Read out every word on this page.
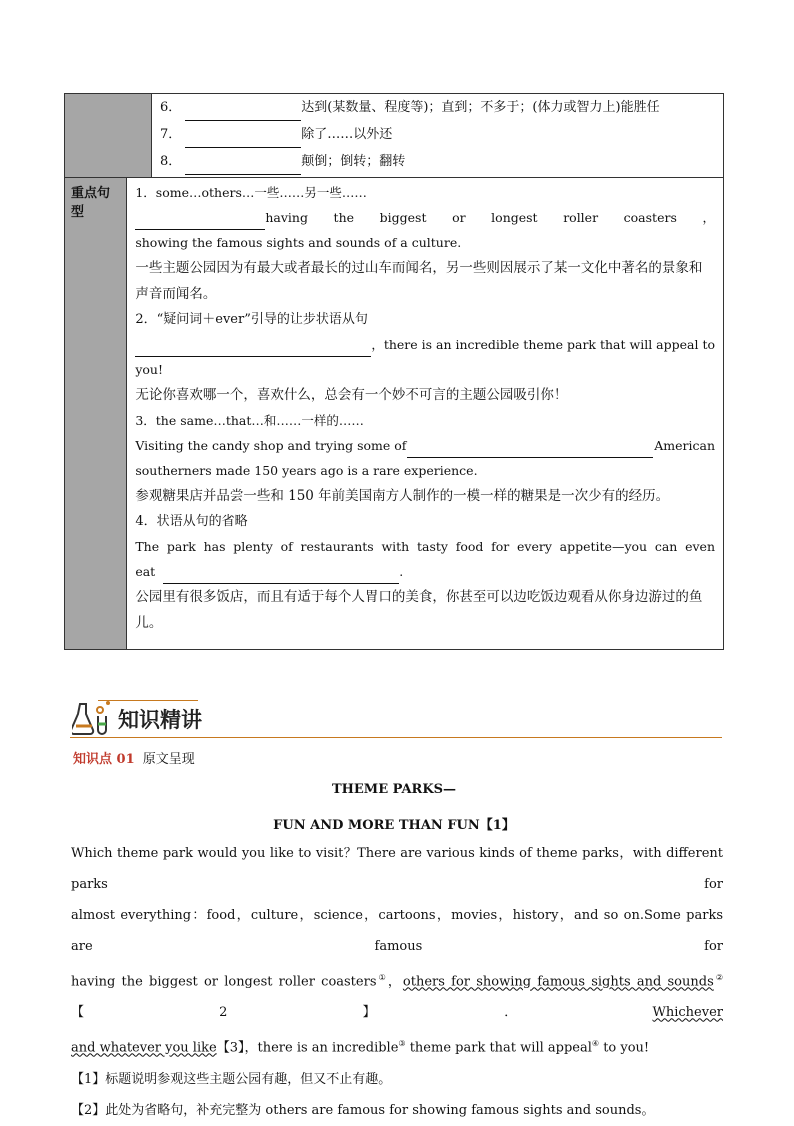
6．	达到(某数量、程度等)；直到；不多于；(体力或智力上)能胜任
7．	除了……以外还
8．	颠倒；倒转；翻转
重点句型
1．some…others…一些……另一些……
having the biggest or longest roller coasters ，
showing the famous sights and sounds of a culture.
一些主题公园因为有最大或者最长的过山车而闻名，另一些则因展示了某一文化中著名的景象和声音而闻名。
2．“疑问词＋ever”引导的让步状语从句
，there is an incredible theme park that will appeal to
you!
无论你喜欢哪一个，喜欢什么，总会有一个妙不可言的主题公园吸引你！
3．the same…that…和……一样的……
Visiting the candy shop and trying some of	American
southerners made 150 years ago is a rare experience.
参观糖果店并品尝一些和 150 年前美国南方人制作的一模一样的糖果是一次少有的经历。
4．状语从句的省略
The park has plenty of restaurants with tasty food for every appetite—you can even
eat	.
公园里有很多饭店，而且有适于每个人胃口的美食，你甚至可以边吃饭边观看从你身边游过的鱼儿。
知识精讲
知识点 01 原文呈现
THEME PARKS—
FUN AND MORE THAN FUN【1】
Which theme park would you like to visit？There are various kinds of theme parks，with different parks for
almost everything：food，culture，science，cartoons，movies，history，and so on.Some parks are famous for
having the biggest or longest roller coasters①，others for showing famous sights and sounds②【2】．Whichever
and whatever you like【3】，there is an incredible③ theme park that will appeal④ to you!
【1】标题说明参观这些主题公园有趣，但又不止有趣。
【2】此处为省略句，补充完整为 others are famous for showing famous sights and sounds。
